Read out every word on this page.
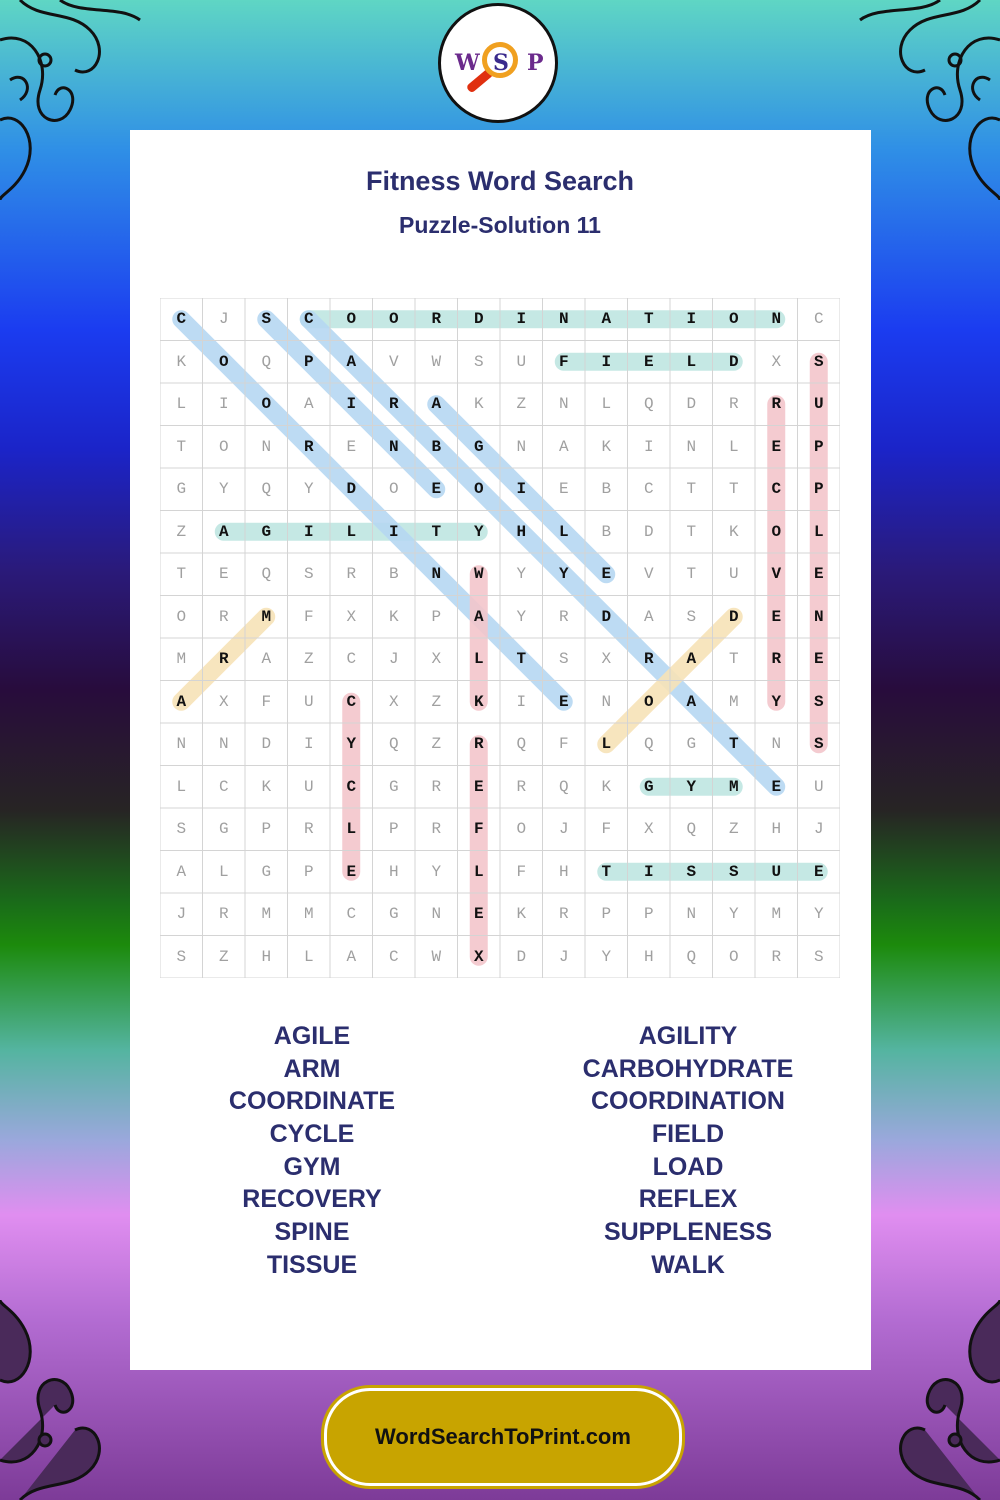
W S P
Fitness Word Search
Puzzle-Solution 11
C	J	S	C	O	O	R	D	I	N	A	T	I	O	N	C
K	O	Q	P	A	V	W	S	U	F	I	E	L	D	X	S
L	I	O	A	I	R	A	K	Z	N	L	Q	D	R	R	U
T	O	N	R	E	N	B	G	N	A	K	I	N	L	E	P
G	Y	Q	Y	D	O	E	O	I	E	B	C	T	T	C	P
Z	A	G	I	L	I	T	Y	H	L	B	D	T	K	O	L
T	E	Q	S	R	B	N	W	Y	Y	E	V	T	U	V	E
O	R	M	F	X	K	P	A	Y	R	D	A	S	D	E	N
M	R	A	Z	C	J	X	L	T	S	X	R	A	T	R	E
A	X	F	U	C	X	Z	K	I	E	N	O	A	M	Y	S
N	N	D	I	Y	Q	Z	R	Q	F	L	Q	G	T	N	S
L	C	K	U	C	G	R	E	R	Q	K	G	Y	M	E	U
S	G	P	R	L	P	R	F	O	J	F	X	Q	Z	H	J
A	L	G	P	E	H	Y	L	F	H	T	I	S	S	U	E
J	R	M	M	C	G	N	E	K	R	P	P	N	Y	M	Y
S	Z	H	L	A	C	W	X	D	J	Y	H	Q	O	R	S
AGILE
ARM
COORDINATE
CYCLE
GYM
RECOVERY
SPINE
TISSUE
AGILITY
CARBOHYDRATE
COORDINATION
FIELD
LOAD
REFLEX
SUPPLENESS
WALK
WordSearchToPrint.com
